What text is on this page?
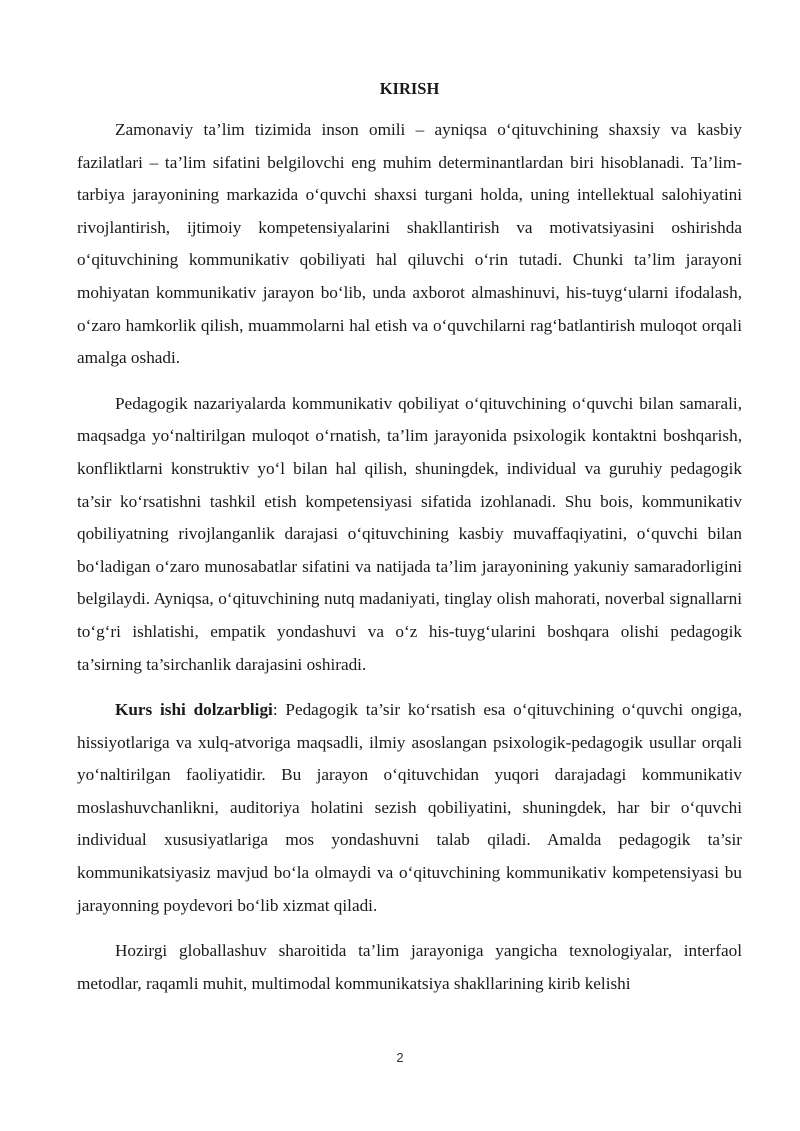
KIRISH

Zamonaviy ta’lim tizimida inson omili – ayniqsa o‘qituvchining shaxsiy va kasbiy fazilatlari – ta’lim sifatini belgilovchi eng muhim determinantlardan biri hisoblanadi. Ta’lim-tarbiya jarayonining markazida o‘quvchi shaxsi turgani holda, uning intellektual salohiyatini rivojlantirish, ijtimoiy kompetensiyalarini shakllantirish va motivatsiyasini oshirishda o‘qituvchining kommunikativ qobiliyati hal qiluvchi o‘rin tutadi. Chunki ta’lim jarayoni mohiyatan kommunikativ jarayon bo‘lib, unda axborot almashinuvi, his-tuyg‘ularni ifodalash, o‘zaro hamkorlik qilish, muammolarni hal etish va o‘quvchilarni rag‘batlantirish muloqot orqali amalga oshadi.

Pedagogik nazariyalarda kommunikativ qobiliyat o‘qituvchining o‘quvchi bilan samarali, maqsadga yo‘naltirilgan muloqot o‘rnatish, ta’lim jarayonida psixologik kontaktni boshqarish, konfliktlarni konstruktiv yo‘l bilan hal qilish, shuningdek, individual va guruhiy pedagogik ta’sir ko‘rsatishni tashkil etish kompetensiyasi sifatida izohlanadi. Shu bois, kommunikativ qobiliyatning rivojlanganlik darajasi o‘qituvchining kasbiy muvaffaqiyatini, o‘quvchi bilan bo‘ladigan o‘zaro munosabatlar sifatini va natijada ta’lim jarayonining yakuniy samaradorligini belgilaydi. Ayniqsa, o‘qituvchining nutq madaniyati, tinglay olish mahorati, noverbal signallarni to‘g‘ri ishlatishi, empatik yondashuvi va o‘z his-tuyg‘ularini boshqara olishi pedagogik ta’sirning ta’sirchanlik darajasini oshiradi.

Kurs ishi dolzarbligi: Pedagogik ta’sir ko‘rsatish esa o‘qituvchining o‘quvchi ongiga, hissiyotlariga va xulq-atvoriga maqsadli, ilmiy asoslangan psixologik-pedagogik usullar orqali yo‘naltirilgan faoliyatidir. Bu jarayon o‘qituvchidan yuqori darajadagi kommunikativ moslashuvchanlikni, auditoriya holatini sezish qobiliyatini, shuningdek, har bir o‘quvchi individual xususiyatlariga mos yondashuvni talab qiladi. Amalda pedagogik ta’sir kommunikatsiyasiz mavjud bo‘la olmaydi va o‘qituvchining kommunikativ kompetensiyasi bu jarayonning poydevori bo‘lib xizmat qiladi.

Hozirgi globallashuv sharoitida ta’lim jarayoniga yangicha texnologiyalar, interfaol metodlar, raqamli muhit, multimodal kommunikatsiya shakllarining kirib kelishi

2
